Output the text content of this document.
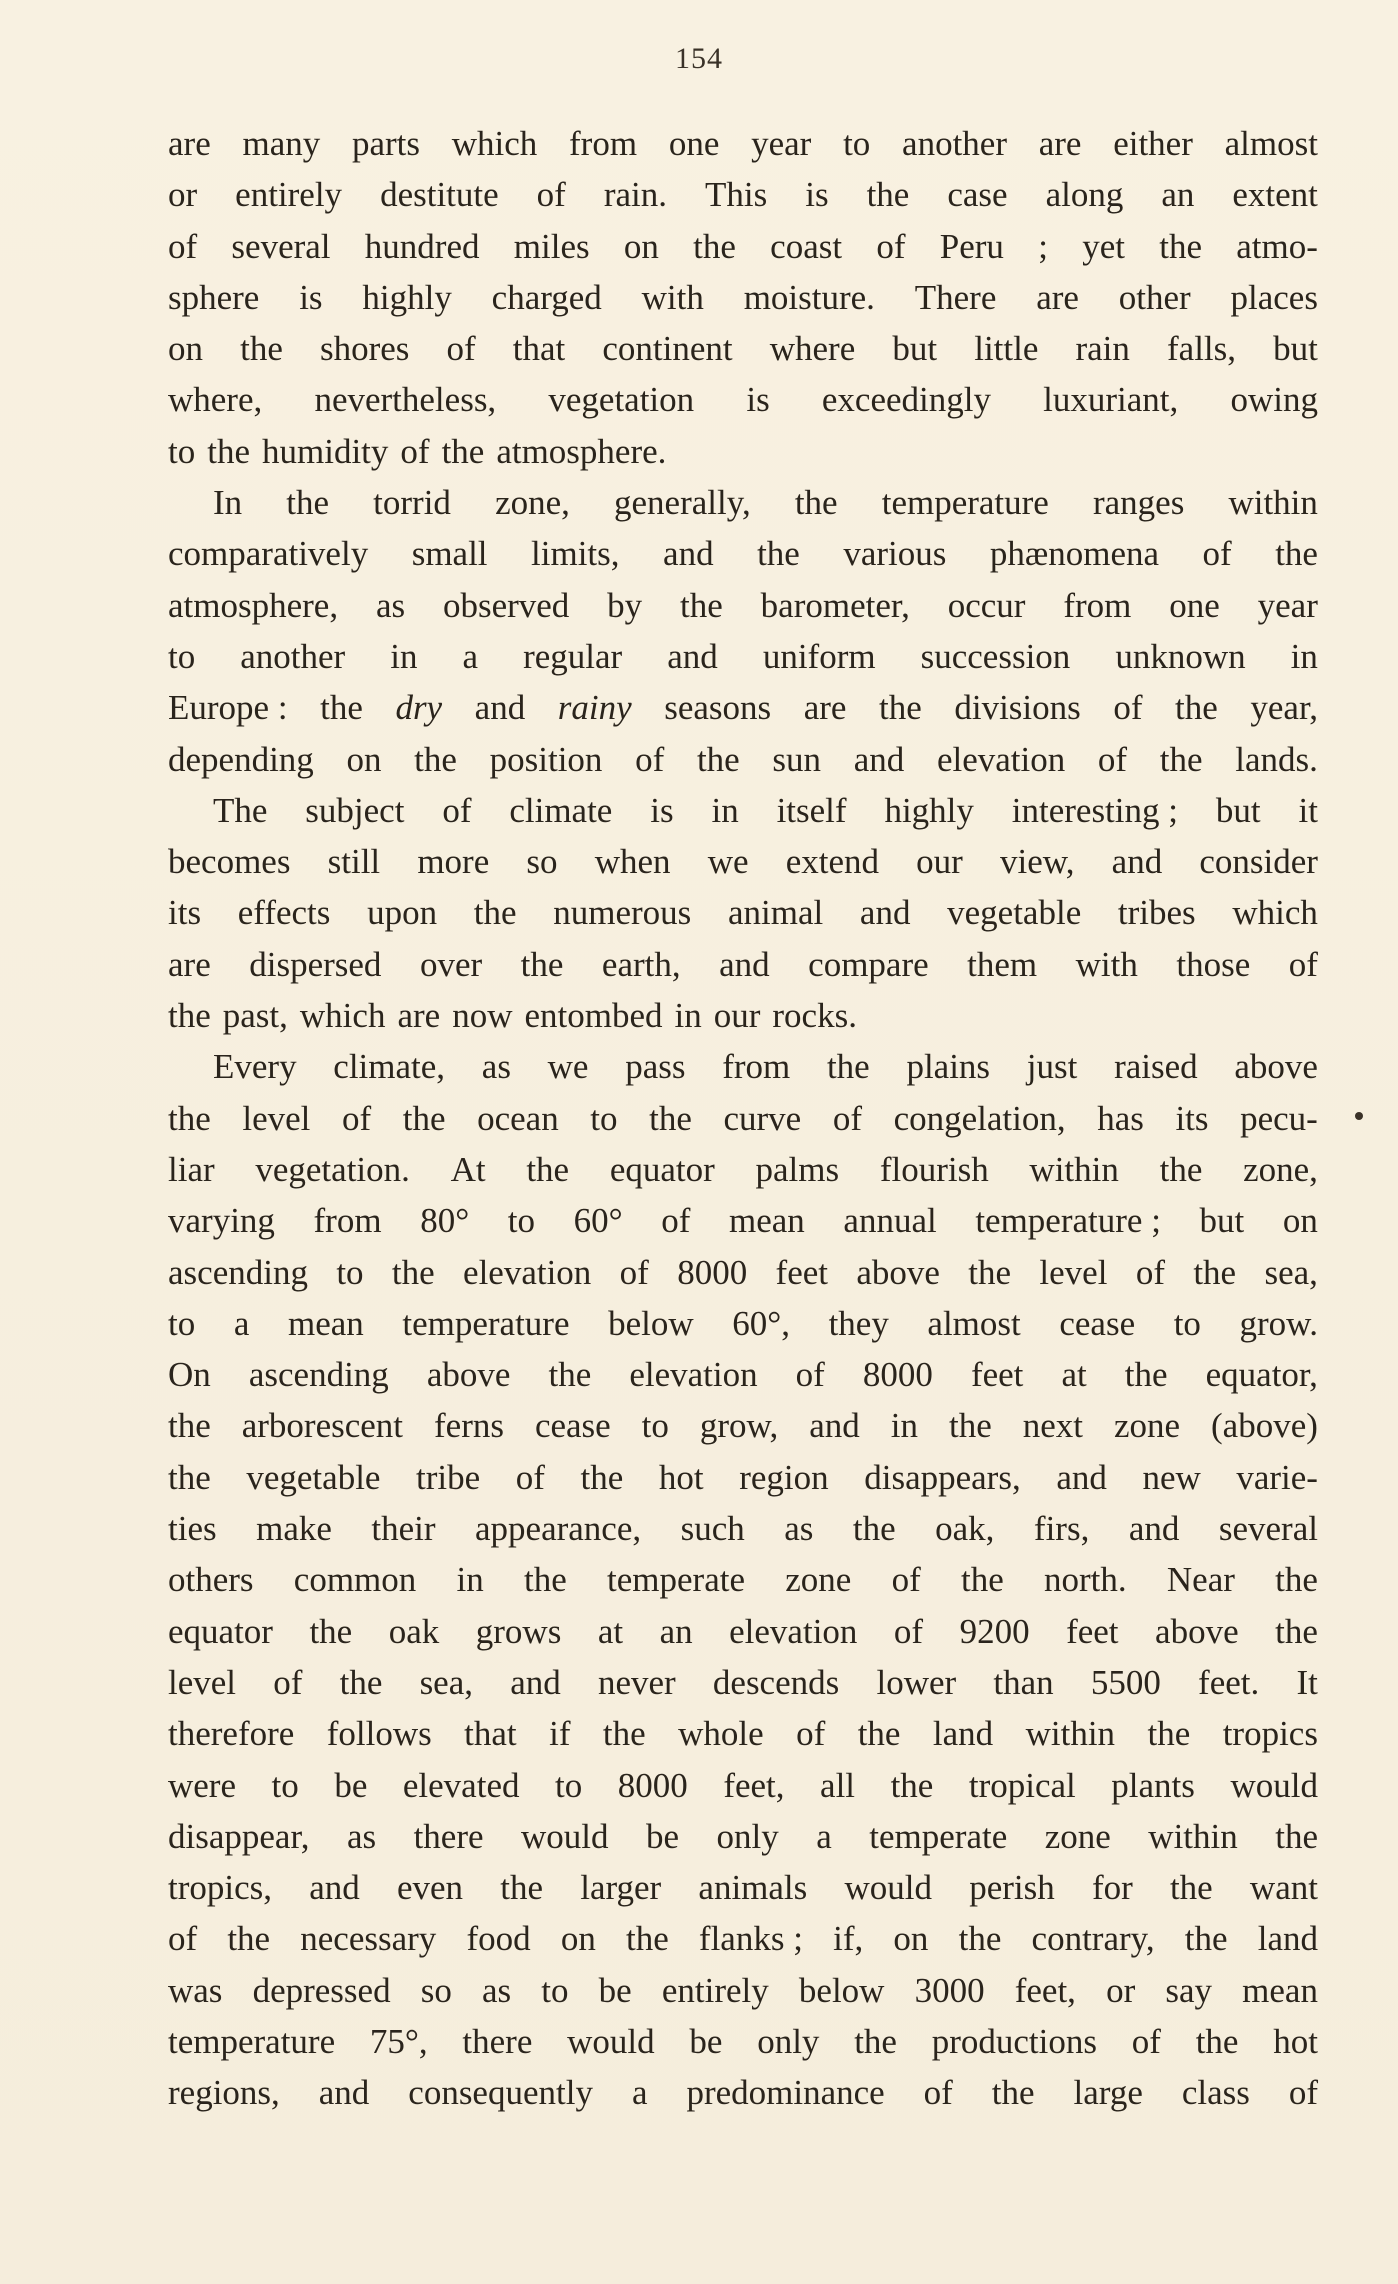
154
are many parts which from one year to another are either almost
or entirely destitute of rain. This is the case along an extent
of several hundred miles on the coast of Peru ; yet the atmo-
sphere is highly charged with moisture. There are other places
on the shores of that continent where but little rain falls, but
where, nevertheless, vegetation is exceedingly luxuriant, owing
to the humidity of the atmosphere.
In the torrid zone, generally, the temperature ranges within
comparatively small limits, and the various phænomena of the
atmosphere, as observed by the barometer, occur from one year
to another in a regular and uniform succession unknown in
Europe : the dry and rainy seasons are the divisions of the year,
depending on the position of the sun and elevation of the lands.
The subject of climate is in itself highly interesting ; but it
becomes still more so when we extend our view, and consider
its effects upon the numerous animal and vegetable tribes which
are dispersed over the earth, and compare them with those of
the past, which are now entombed in our rocks.
Every climate, as we pass from the plains just raised above
the level of the ocean to the curve of congelation, has its pecu-
liar vegetation. At the equator palms flourish within the zone,
varying from 80° to 60° of mean annual temperature ; but on
ascending to the elevation of 8000 feet above the level of the sea,
to a mean temperature below 60°, they almost cease to grow.
On ascending above the elevation of 8000 feet at the equator,
the arborescent ferns cease to grow, and in the next zone (above)
the vegetable tribe of the hot region disappears, and new varie-
ties make their appearance, such as the oak, firs, and several
others common in the temperate zone of the north. Near the
equator the oak grows at an elevation of 9200 feet above the
level of the sea, and never descends lower than 5500 feet. It
therefore follows that if the whole of the land within the tropics
were to be elevated to 8000 feet, all the tropical plants would
disappear, as there would be only a temperate zone within the
tropics, and even the larger animals would perish for the want
of the necessary food on the flanks ; if, on the contrary, the land
was depressed so as to be entirely below 3000 feet, or say mean
temperature 75°, there would be only the productions of the hot
regions, and consequently a predominance of the large class of
